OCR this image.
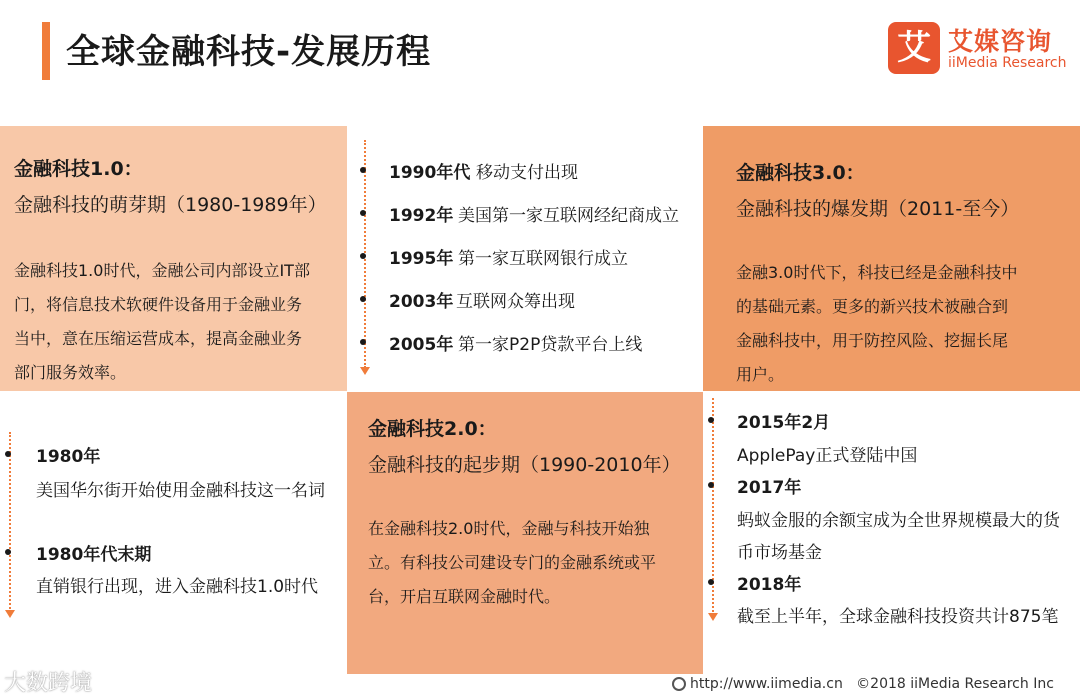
全球金融科技-发展历程	艾 艾媒咨询
iiMedia Research
金融科技1.0：
金融科技的萌芽期（1980-1989年）
金融科技1.0时代，金融公司内部设立IT部
门，将信息技术软硬件设备用于金融业务
当中，意在压缩运营成本，提高金融业务
部门服务效率。
金融科技3.0：
金融科技的爆发期（2011-至今）
金融3.0时代下，科技已经是金融科技中
的基础元素。更多的新兴技术被融合到
金融科技中，用于防控风险、挖掘长尾
用户。
金融科技2.0：
金融科技的起步期（1990-2010年）
在金融科技2.0时代，金融与科技开始独
立。有科技公司建设专门的金融系统或平
台，开启互联网金融时代。
1990年代 移动支付出现
1992年 美国第一家互联网经纪商成立
1995年 第一家互联网银行成立
2003年 互联网众筹出现
2005年 第一家P2P贷款平台上线
1980年
美国华尔街开始使用金融科技这一名词
1980年代末期
直销银行出现，进入金融科技1.0时代
2015年2月
ApplePay正式登陆中国
2017年
蚂蚁金服的余额宝成为全世界规模最大的货
币市场基金
2018年
截至上半年，全球金融科技投资共计875笔
大数跨境	http://www.iimedia.cn ©2018 iiMedia Research Inc
